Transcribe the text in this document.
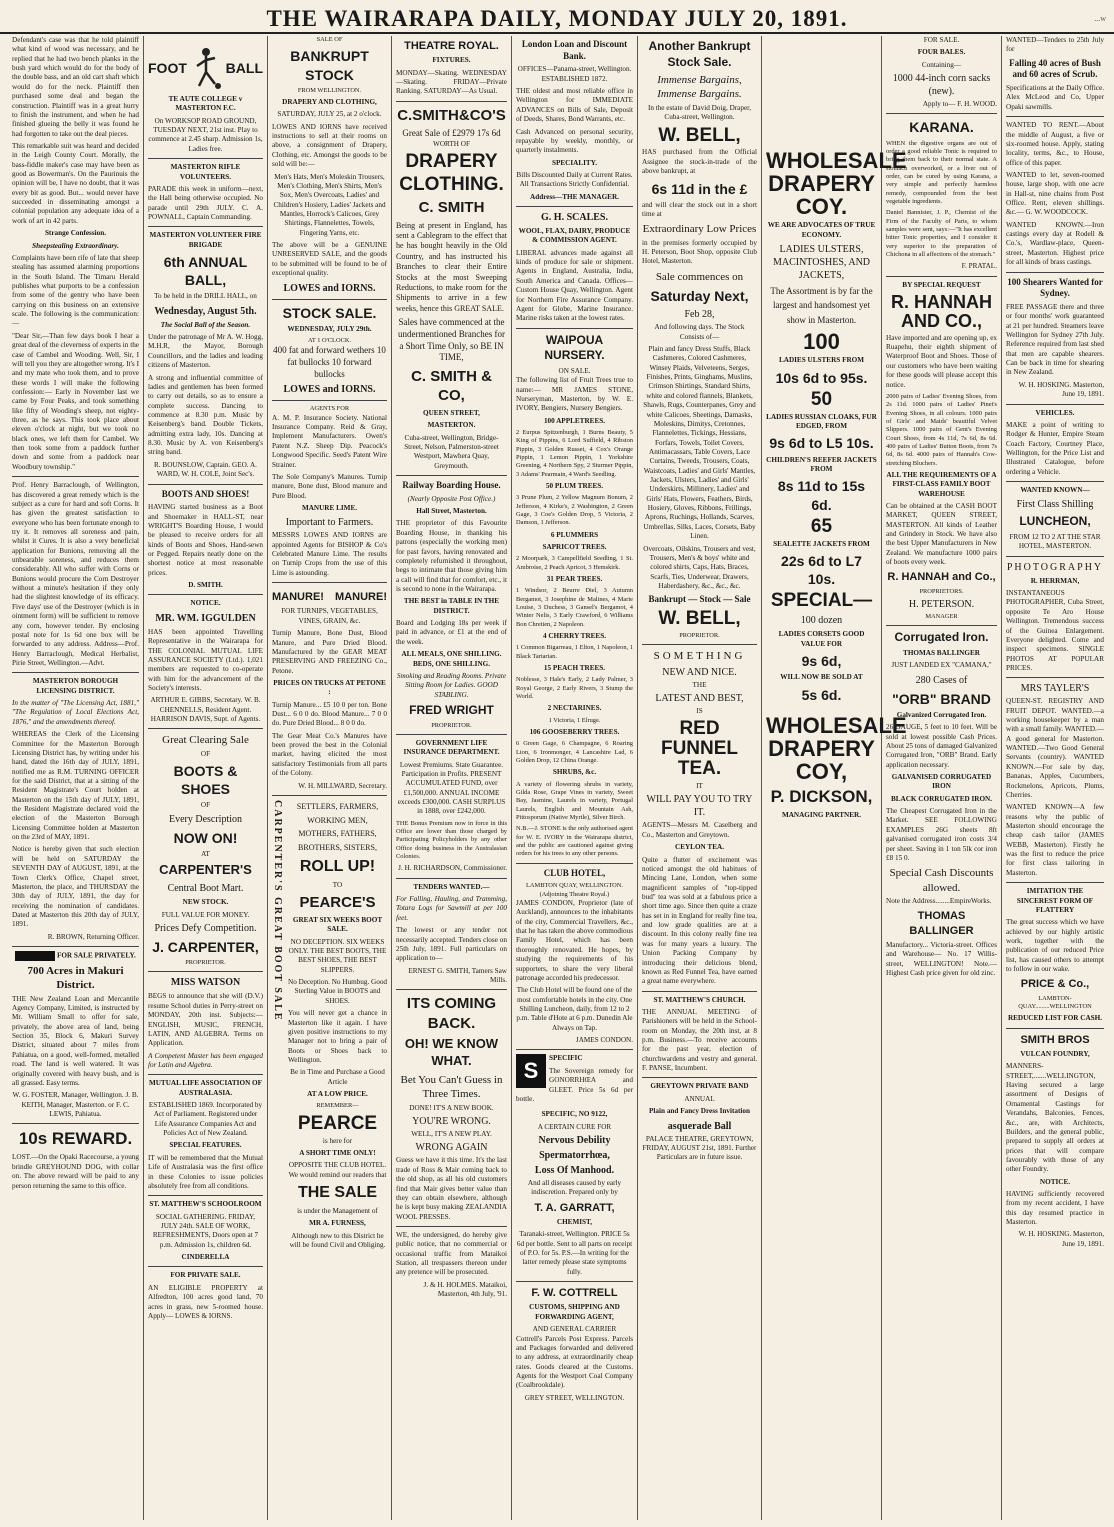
THE WAIRARAPA DAILY, MONDAY JULY 20, 1891.	...w

Defendant's case was that he told plaintiff what kind of wood was necessary, and he replied that he had two bench planks in the bush yard which would do for the body of the double bass, and an old cart shaft which would do for the neck. Plaintiff then purchased some deal and began the construction. Plaintiff was in a great hurry to finish the instrument, and when he had finished glueing the belly it was found he had forgotten to take out the deal pieces.

This remarkable suit was heard and decided in the Leigh County Court. Morally, the bass-fiddle maker's case may have been as good as Bowerman's. On the Paurinuis the opinion will be, I have no doubt, that it was every bit as good. But... would never have succeeded in disseminating amongst a colonial population any adequate idea of a work of art in 42 parts.

Strange Confession.
Sheepstealing Extraordinary.

Complaints have been rife of late that sheep stealing has assumed alarming proportions in the South Island. The Timaru Herald publishes what purports to be a confession from some of the gentry who have been carrying on this business on an extensive scale. The following is the communication:—

"Dear Sir,—Than few days book I hear a great deal of the cleverness of experts in the case of Cambel and Wooding. Well, Sir, I will tell you they are altogether wrong. It's I and my mate who took them, and to prove these words I will make the following confession:— Early in November last we came by Four Peaks, and took something like fifty of Wooding's sheep, not eighty-three, as he says. This took place about eleven o'clock at night, but we took no black ones, we left them for Cambel. We then took some from a paddock further down and some from a paddock near Woodbury township."

Prof. Henry Barraclough, of Wellington, has discovered a great remedy which is the subject as a cure for hard and soft Corns. It has given the greatest satisfaction to everyone who has been fortunate enough to try it. It removes all soreness and pain, whilst it Cures. It is also a very beneficial application for Bunions, removing all the unbearable soreness, and reduces them considerably. All who suffer with Corns or Bunions would procure the Corn Destroyer without a minute's hesitation if they only had the slightest knowledge of its efficacy. Five days' use of the Destroyer (which is in ointment form) will be sufficient to remove any corn, however tender. By enclosing postal note for 1s 6d one box will be forwarded to any address. Address—Prof. Henry Barraclough, Medical Herbalist, Pirie Street, Wellington.—Advt.

MASTERTON BOROUGH LICENSING DISTRICT.

In the matter of "The Licensing Act, 1881," "The Regulation of Local Elections Act, 1876," and the amendments thereof.

WHEREAS the Clerk of the Licensing Committee for the Masterton Borough Licensing District has, by writing under his hand, dated the 16th day of JULY, 1891, notified me as R.M. TURNING OFFICER for the said District, that at a sitting of the Resident Magistrate's Court holden at Masterton on the 15th day of JULY, 1891, the Resident Magistrate declared void the election of the Masterton Borough Licensing Committee holden at Masterton on the 23rd of MAY, 1891.

Notice is hereby given that such election will be held on SATURDAY the SEVENTH DAY of AUGUST, 1891, at the Town Clerk's Office, Chapel street, Masterton, the place, and THURSDAY the 30th day of JULY, 1891, the day for receiving the nomination of candidates. Dated at Masterton this 20th day of JULY, 1891.

R. BROWN, Returning Officer.
FOR SALE PRIVATELY.
700 Acres in Makuri District.

THE New Zealand Loan and Mercantile Agency Company, Limited, is instructed by Mr. William Small to offer for sale, privately, the above area of land, being Section 35, Block 6, Makuri Survey District, situated about 7 miles from Pahiatua, on a good, well-formed, metalled road. The land is well watered. It was originally covered with heavy bush, and is all grassed. Easy terms.

W. G. FOSTER, Manager, Wellington. J. B. KEITH, Manager, Masterton. or F. C. LEWIS, Pahiatua.

10s REWARD.

LOST.—On the Opaki Racecourse, a young brindle GREYHOUND DOG, with collar on. The above reward will be paid to any person returning the same to this office.

FOOT	BALL
TE AUTE COLLEGE v MASTERTON F.C.

On WORKSOP ROAD GROUND, TUESDAY NEXT, 21st inst. Play to commence at 2.45 sharp. Admission 1s, Ladies free.

MASTERTON RIFLE VOLUNTEERS.

PARADE this week in uniform—next, the Hall being otherwise occupied. No parade until 29th JULY. C. A. POWNALL, Captain Commanding.

MASTERTON VOLUNTEER FIRE BRIGADE
6th ANNUAL BALL,
To be held in the DRILL HALL, on
Wednesday, August 5th.
The Social Ball of the Season.

Under the patronage of Mr A. W. Hogg, M.H.R, the Mayor, Borough Councillors, and the ladies and leading citizens of Masterton.

A strong and influential committee of ladies and gentlemen has been formed to carry out details, so as to ensure a complete success. Dancing to commence at 8.30 p.m. Music by Keisenberg's band. Double Tickets, admitting extra lady, 10s. Dancing at 8.30. Music by A. von Keisenberg's string band.

R. BOUNSLOW, Captain. GEO. A. WARD, W. H. COLE, Joint Sec's.
BOOTS AND SHOES!

HAVING started business as a Boot and Shoemaker in HALL-ST, near WRIGHT'S Boarding House, I would be pleased to receive orders for all kinds of Boots and Shoes, Hand-sewn or Pegged. Repairs neatly done on the shortest notice at most reasonable prices.

D. SMITH.
NOTICE.
MR. WM. IGGULDEN

HAS been appointed Travelling Representative in the Wairarapa for THE COLONIAL MUTUAL LIFE ASSURANCE SOCIETY (Ltd.). 1,021 members are requested to co-operate with him for the advancement of the Society's interests.

ARTHUR E. GIBBS, Secretary. W. B. CHENNELLS, Resident Agent. HARRISON DAVIS, Supt. of Agents.
Great Clearing Sale
OF
BOOTS & SHOES
OF
Every Description
NOW ON!
AT
CARPENTER'S
Central Boot Mart.
NEW STOCK.
FULL VALUE FOR MONEY.
Prices Defy Competition.
J. CARPENTER,
PROPRIETOR.
MISS WATSON

BEGS to announce that she will (D.V.) resume School duties in Perry-street on MONDAY, 20th inst. Subjects:— ENGLISH, MUSIC, FRENCH, LATIN, AND ALGEBRA. Terms on Application.

A Competent Master has been engaged for Latin and Algebra.

MUTUAL LIFE ASSOCIATION OF AUSTRALASIA.

ESTABLISHED 1869. Incorporated by Act of Parliament. Registered under Life Assurance Companies Act and Policies Act of New Zealand.

SPECIAL FEATURES.

IT will be remembered that the Mutual Life of Australasia was the first office in these Colonies to issue policies absolutely free from all conditions.

ST. MATTHEW'S SCHOOLROOM

SOCIAL GATHERING. FRIDAY, JULY 24th. SALE OF WORK, REFRESHMENTS, Doors open at 7 p.m. Admission 1s, children 6d.

CINDERELLA
FOR PRIVATE SALE.

AN ELIGIBLE PROPERTY at Alfredton, 100 acres good land, 70 acres in grass, new 5-roomed house. Apply— LOWES & IORNS.

SALE OF
BANKRUPT STOCK
FROM WELLINGTON.
DRAPERY AND CLOTHING,

SATURDAY, JULY 25, at 2 o'clock.

LOWES AND IORNS have received instructions to sell at their rooms on above, a consignment of Drapery, Clothing, etc. Amongst the goods to be sold will be:—

Men's Hats, Men's Moleskin Trousers, Men's Clothing, Men's Shirts, Men's Sox, Men's Overcoats, Ladies' and Children's Hosiery, Ladies' Jackets and Mantles, Horrock's Calicoes, Grey Shirtings, Flannelettes, Towels, Fingering Yarns, etc.

The above will be a GENUINE UNRESERVED SALE, and the goods to be submitted will be found to be of exceptional quality.

LOWES and IORNS.
STOCK SALE.
WEDNESDAY, JULY 29th.
AT 1 O'CLOCK.

400 fat and forward wethers 10 fat bullocks 10 forward bullocks

LOWES and IORNS.
AGENTS FOR

A. M. P. Insurance Society. National Insurance Company. Reid & Gray, Implement Manufacturers. Owen's Patent N.Z. Sheep Dip. Peacock's Longwood Specific. Seed's Patent Wire Strainer.

The Sole Company's Manures. Turnip manure, Bone dust, Blood manure and Pure Blood.

MANURE LIME.
Important to Farmers.

MESSRS LOWES AND IORNS are appointed Agents for BISHOP & Co's Celebrated Manure Lime. The results on Turnip Crops from the use of this Lime is astounding.

MANURE! MANURE!

FOR TURNIPS, VEGETABLES, VINES, GRAIN, &c.

Turnip Manure, Bone Dust, Blood Manure, and Pure Dried Blood. Manufactured by the GEAR MEAT PRESERVING AND FREEZING Co., Petone.

PRICES ON TRUCKS AT PETONE :

Turnip Manure... £5 10 0 per ton. Bone Dust... 6 0 0 do. Blood Manure... 7 0 0 do. Pure Dried Blood... 8 0 0 do.

The Gear Meat Co.'s Manures have been proved the best in the Colonial market, having elicited the most satisfactory Testimonials from all parts of the Colony.

W. H. MILLWARD, Secretary.
CARPENTER'S GREAT BOOT SALE	SETTLERS, FARMERS, WORKING MEN, MOTHERS, FATHERS, BROTHERS, SISTERS,
ROLL UP!
TO
PEARCE'S
GREAT SIX WEEKS BOOT SALE.

NO DECEPTION. SIX WEEKS ONLY. THE BEST BOOTS, THE BEST SHOES, THE BEST SLIPPERS.

No Deception. No Humbug. Good Sterling Value in BOOTS and SHOES.

You will never get a chance in Masterton like it again. I have given positive instructions to my Manager not to bring a pair of Boots or Shoes back to Wellington.

Be in Time and Purchase a Good Article
AT A LOW PRICE.
REMEMBER—
PEARCE
is here for
A SHORT TIME ONLY!
OPPOSITE THE CLUB HOTEL.

We would remind our readers that

THE SALE

is under the Management of

MR A. FURNESS,

Although new to this District he will be found Civil and Obliging.

THEATRE ROYAL.
FIXTURES.

MONDAY—Skating. WEDNESDAY—Skating. FRIDAY—Private Ranking. SATURDAY—As Usual.

C.SMITH&CO'S
Great Sale of £2979 17s 6d
WORTH OF
DRAPERY
CLOTHING.
C. SMITH

Being at present in England, has sent a Cablegram to the effect that he has bought heavily in the Old Country, and has instructed his Branches to clear their Entire Stocks at the most Sweeping Reductions, to make room for the Shipments to arrive in a few weeks, hence this GREAT SALE.

Sales have commenced at the undermentioned Branches for a Short Time Only, so BE IN TIME,

C. SMITH & CO,
QUEEN STREET,
MASTERTON.

Cuba-street, Wellington, Bridge-Street, Nelson, Palmerston-street Westport, Mawhera Quay, Greymouth.

Railway Boarding House.
(Nearly Opposite Post Office.)
Hall Street, Masterton.

THE proprietor of this Favourite Boarding House, in thanking his patrons (especially the working men) for past favors, having renovated and completely refurnished it throughout, begs to intimate that those giving him a call will find that for comfort, etc., it is second to none in the Wairarapa.

THE BEST in TABLE IN THE DISTRICT.

Board and Lodging 18s per week if paid in advance, or £1 at the end of the week.

ALL MEALS, ONE SHILLING. BEDS, ONE SHILLING.

Smoking and Reading Rooms. Private Sitting Room for Ladies. GOOD STABLING.

FRED WRIGHT
PROPRIETOR.
GOVERNMENT LIFE INSURANCE DEPARTMENT.

Lowest Premiums. State Guarantee. Participation in Profits. PRESENT ACCUMULATED FUND, over £1,500,000. ANNUAL INCOME exceeds £300,000. CASH SURPLUS in 1888, over £242,000.

THE Bonus Premium now in force in this Office are lower than those charged by Participating Policyholders by any other Office doing business in the Australasian Colonies.

J. H. RICHARDSON, Commissioner.
TENDERS WANTED.—

For Falling, Hauling, and Tramming, Totara Logs for Sawmill at per 100 feet.

The lowest or any tender not necessarily accepted. Tenders close on 25th July, 1891. Full particulars on application to—

ERNEST G. SMITH, Tamers Saw Mills.
ITS COMING BACK.
OH! WE KNOW WHAT.
Bet You Can't Guess in Three Times.
DONE! IT'S A NEW BOOK.
YOU'RE WRONG.
WELL, IT'S A NEW PLAY.
WRONG AGAIN

Guess we have it this time. It's the last trade of Ross & Mair coming back to the old shop, as all his old customers find that Mair gives better value than they can obtain elsewhere, although he is kept busy making ZEALANDIA WOOL PRESSES.

WE, the undersigned, do hereby give public notice, that no commercial or occasional traffic from Mataikoi Station, all trespassers thereon under any pretence will be prosecuted.

J. & H. HOLMES. Mataikoi, Masterton, 4th July, '91.
London Loan and Discount Bank.

OFFICES—Panama-street, Wellington. ESTABLISHED 1872.

THE oldest and most reliable office in Wellington for IMMEDIATE ADVANCES on Bills of Sale, Deposit of Deeds, Shares, Bond Warrants, etc.

Cash Advanced on personal security, repayable by weekly, monthly, or quarterly instalments.

SPECIALITY.

Bills Discounted Daily at Current Rates. All Transactions Strictly Confidential.

Address—THE MANAGER.
G. H. SCALES.
WOOL, FLAX, DAIRY, PRODUCE & COMMISSION AGENT.

LIBERAL advances made against all kinds of produce for sale or shipment. Agents in England, Australia, India, South America and Canada. Offices—Custom House Quay, Wellington. Agent for Northern Fire Assurance Company. Agent for Globe, Marine Insurance. Marine risks taken at the lowest rates.

WAIPOUA NURSERY.
ON SALE.

The following list of Fruit Trees true to name:— MR JAMES STONE, Nurseryman, Masterton, by W. E. IVORY, Bengiers, Nursery Bengiers.

100 APPLETREES.

2 Eurpus Spitzenburgh, 1 Burns Beauty, 5 King of Pippins, 6 Lord Suffield, 4 Ribston Pippin, 3 Golden Russet, 4 Cox's Orange Pippin, 1 Lemon Pippin, 1 Yorkshire Greening, 4 Northern Spy, 2 Sturmer Pippin, 3 Adams' Pearmain, 4 Ward's Seedling.

50 PLUM TREES.

3 Prune Plum, 2 Yellow Magnum Bonum, 2 Jefferson, 4 Kirke's, 2 Washington, 2 Green Gage, 3 Coe's Golden Drop, 5 Victoria, 2 Damson, 1 Jefferson.

6 PLUMMERS
SAPRICOT TREES.

2 Moorpark, 3 Campellfield Seedling, 1 St. Ambroise, 2 Peach Apricot, 3 Hemskirk.

31 PEAR TREES.

1 Windsor, 2 Beurre Diel, 3 Autumn Bergamot, 3 Josephine de Malines, 4 Marie Louise, 3 Duchess, 3 Gansel's Bergamot, 4 Winter Nelis, 3 Early Crawford, 6 Williams Bon Chretien, 2 Napoleon.

4 CHERRY TREES.

1 Common Bigarreau, 1 Elton, 1 Napoleon, 1 Black Tartarian.

15 PEACH TREES.

Noblesse, 3 Hale's Early, 2 Lady Palmer, 3 Royal George, 2 Early Rivers, 3 Stump the World.

2 NECTARINES.

1 Victoria, 1 Elruge.

106 GOOSEBERRY TREES.

6 Green Gage, 6 Champagne, 6 Roaring Lion, 6 Ironmonger, 4 Lancashire Lad, 6 Golden Drop, 12 China Orange.

SHRUBS, &c.

A variety of flowering shrubs in variety, Gilda Rose, Grape Vines in variety, Sweet Bay, Jasmine, Laurels in variety, Portugal Laurels, English and Mountain Ash, Pittosporum (Native Myrtle), Silver Birch.

N.B.—J. STONE is the only authorised agent for W. E. IVORY in the Wairarapa district, and the public are cautioned against giving orders for his trees to any other persons.

CLUB HOTEL,
LAMBTON QUAY, WELLINGTON.
(Adjoining Theatre Royal.)

JAMES CONDON, Proprietor (late of Auckland), announces to the inhabitants of the city, Commercial Travellers, &c., that he has taken the above commodious Family Hotel, which has been thoroughly renovated. He hopes, by studying the requirements of his supporters, to share the very liberal patronage accorded his predecessor.

The Club Hotel will be found one of the most comfortable hotels in the city. One Shilling Luncheon, daily, from 12 to 2 p.m. Table d'Hote at 6 p.m. Dunedin Ale Always on Tap.

JAMES CONDON.
S	SPECIFIC

The Sovereign remedy for GONORRHŒA and GLEET. Price 5s 6d per bottle.

SPECIFIC, NO 9122,
A CERTAIN CURE FOR
Nervous Debility
Spermatorrhœa,
Loss Of Manhood.

And all diseases caused by early indiscretion. Prepared only by

T. A. GARRATT,
CHEMIST,

Taranaki-street, Wellington. PRICE 5s 6d per bottle. Sent to all parts on receipt of P.O. for 5s. P.S.—In writing for the latter remedy please state symptoms fully.

F. W. COTTRELL
CUSTOMS, SHIPPING AND FORWARDING AGENT,
AND GENERAL CARRIER

Cottrell's Parcels Post Express. Parcels and Packages forwarded and delivered to any address, at extraordinarily cheap rates. Goods cleared at the Customs. Agents for the Westport Coal Company (Coalbrookdale).

GREY STREET, WELLINGTON.
Another Bankrupt Stock Sale.
Immense Bargains, Immense Bargains.

In the estate of David Doig, Draper, Cuba-street, Wellington.

W. BELL,

HAS purchased from the Official Assignee the stock-in-trade of the above bankrupt, at

6s 11d in the £

and will clear the stock out in a short time at

Extraordinary Low Prices

in the premises formerly occupied by H. Peterson, Boot Shop, opposite Club Hotel, Masterton.

Sale commences on
Saturday Next,
Feb 28,

And following days. The Stock Consists of—

Plain and fancy Dress Stuffs, Black Cashmeres, Colored Cashmeres, Winsey Plaids, Velveteens, Serges, Finishes, Prints, Ginghams, Muslins, Crimson Shirtings, Standard Shirts, white and colored flannels, Blankets, Shawls, Rugs, Counterpanes, Grey and white Calicoes, Sheetings, Damasks, Moleskins, Dimitys, Cretonnes, Flannelettes, Tickings, Hessians, Forfars, Towels, Toilet Covers, Antimacassars, Table Covers, Lace Curtains, Tweeds, Trousers, Coats, Waistcoats, Ladies' and Girls' Mantles, Jackets, Ulsters, Ladies' and Girls' Underskirts, Millinery, Ladies' and Girls' Hats, Flowers, Feathers, Birds, Hosiery, Gloves, Ribbons, Frillings, Aprons, Ruchings, Hollands, Scarves, Umbrellas, Silks, Laces, Corsets, Baby Linen.

Overcoats, Oilskins, Trousers and vest, Trousers, Men's & boys' white and colored shirts, Caps, Hats, Braces, Scarfs, Ties, Underwear, Drawers, Haberdashery, &c., &c., &c.

Bankrupt — Stock — Sale
W. BELL,
PROPRIETOR.
SOMETHING
NEW AND NICE.
THE
LATEST AND BEST,
IS
RED FUNNEL TEA.
IT
WILL PAY YOU TO TRY IT.

AGENTS—Messrs M. Caselberg and Co., Masterton and Greytown.

CEYLON TEA.

Quite a flutter of excitement was noticed amongst the old habitues of Mincing Lane, London, when some magnificent samples of "top-tipped bud" tea was sold at a fabulous price a short time ago. Since then quite a craze has set in in England for really fine tea, and low grade qualities are at a discount. In this colony really fine tea was for many years a luxury. The Union Packing Company by introducing their delicious blend, known as Red Funnel Tea, have earned a great name everywhere.

ST. MATTHEW'S CHURCH.

THE ANNUAL MEETING of Parishioners will be held in the School-room on Monday, the 20th inst, at 8 p.m. Business.—To receive accounts for the past year, election of churchwardens and vestry and general. F. PANSE, Incumbent.

GREYTOWN PRIVATE BAND
ANNUAL
Plain and Fancy Dress Invitation
asquerade Ball

PALACE THEATRE, GREYTOWN, FRIDAY, AUGUST 21st, 1891. Further Particulars are in future issue.

WHOLESALE DRAPERY COY.
WE ARE ADVOCATES OF TRUE ECONOMY.
LADIES ULSTERS, MACINTOSHES, AND JACKETS,

The Assortment is by far the largest and handsomest yet show in Masterton.

100
LADIES ULSTERS FROM
10s 6d to 95s.
50
LADIES RUSSIAN CLOAKS, FUR EDGED, FROM
9s 6d to L5 10s.
CHILDREN'S REEFER JACKETS FROM
8s 11d to 15s 6d.
65
SEALETTE JACKETS FROM
22s 6d to L7 10s.
SPECIAL—
100 dozen
LADIES CORSETS GOOD VALUE FOR
9s 6d,
WILL NOW BE SOLD AT
5s 6d.
WHOLESALE DRAPERY COY,
P. DICKSON,
MANAGING PARTNER.
FOR SALE.
FOUR BALES.
Containing—
1000 44-inch corn sacks (new).

Apply to— F. H. WOOD.

KARANA.

WHEN the digestive organs are out of order a good reliable Tonic is required to bring them back to their normal state. A stomach overworked, or a liver out of order, can be cured by using Karana, a very simple and perfectly harmless remedy, compounded from the best vegetable ingredients.

Daniel Bannister, J. P., Chemist of the Firm of the Faculty of Paris, to whom samples were sent, says:—"It has excellent bitter Tonic properties, and I consider it very superior to the preparation of Chichona in all affections of the stomach."

F. PRATAL.
BY SPECIAL REQUEST
R. HANNAH AND CO.,

Have imported and are opening up, ex Ruapehu, their eighth shipment of Waterproof Boot and Shoes. Those of our customers who have been waiting for these goods will please accept this notice.

2000 pairs of Ladies' Evening Shoes, from 2s 11d. 1000 pairs of Ladies' Pinet's Evening Shoes, in all colours. 1000 pairs of Girls' and Maids' beautiful Velvet Slippers. 1000 pairs of Gent's Evening Court Shoes, from 4s 11d, 7s 6d, 8s 6d. 400 pairs of Ladies' Button Boots, from 7s 6d, 8s 6d. 4000 pairs of Hannah's Cow-stretching Bluchers.

ALL THE REQUIREMENTS OF A FIRST-CLASS FAMILY BOOT WAREHOUSE

Can be obtained at the CASH BOOT MARKET, QUEEN STREET, MASTERTON. All kinds of Leather and Grindery in Stock. We have also the best Upper Manufacturers in New Zealand. We manufacture 1000 pairs of boots every week.

R. HANNAH and Co.,
PROPRIETORS.
H. PETERSON.
MANAGER
Corrugated Iron.
THOMAS BALLINGER

JUST LANDED EX "CAMANA,"

280 Cases of
"ORB" BRAND
Galvanized Corrugated Iron.

26 GAUGE, 5 feet to 10 feet. Will be sold at lowest possible Cash Prices. About 25 tons of damaged Galvanized Corrugated Iron, "ORB" Brand. Early application necessary.

GALVANISED CORRUGATED IRON
BLACK CORRUGATED IRON.

The Cheapest Corrugated Iron in the Market. SEE FOLLOWING EXAMPLES 26G sheets 8ft galvanised corrugated iron costs 3/4 per sheet. Saving in 1 ton 5lk cor iron £8 15 0.

Special Cash Discounts allowed.

Note the Address........EmpireWorks.

THOMAS BALLINGER

Manufactory... Victoria-street. Offices and Warehouse— No. 17 Willis-street, WELLINGTON! Note.—Highest Cash price given for old zinc.

WANTED—Tenders to 25th July for

Falling 40 acres of Bush and 60 acres of Scrub.

Specifications at the Daily Office. Alex McLeod and Co, Upper Opaki sawmills.

WANTED TO RENT.—About the middle of August, a five or six-roomed house. Apply, stating locality, terms, &c., to House, office of this paper.

WANTED to let, seven-roomed house, large shop, with one acre in Hall-st, nine chains from Post Office. Rent, eleven shillings. &c.— G. W. WOODCOCK.

WANTED KNOWN.—Iron castings every day at Rodell & Co.'s, Wardlaw-place, Queen-street, Masterton. Highest price for all kinds of brass castings.

100 Shearers Wanted for Sydney.

FREE PASSAGE there and three or four months' work guaranteed at 21 per hundred. Steamers leave Wellington for Sydney 27th July. Reference required from last shed that men are capable shearers. Can be back in time for shearing in New Zealand.

W. H. HOSKING. Masterton, June 19, 1891.
VEHICLES.

MAKE a point of writing to Rodger & Hunter, Empire Steam Coach Factory, Courtney Place, Wellington, for the Price List and Illustrated Catalogue, before ordering a Vehicle.

WANTED KNOWN—
First Class Shilling
LUNCHEON,

FROM 12 TO 2 AT THE STAR HOTEL, MASTERTON.

PHOTOGRAPHY
R. HERRMAN,

INSTANTANEOUS PHOTOGRAPHER, Cuba Street, opposite Te Aro House Wellington. Tremendous success of the Guinea Enlargement. Everyone delighted. Come and inspect specimens. SINGLE PHOTOS AT POPULAR PRICES.

MRS TAYLER'S

QUEEN-ST. REGISTRY AND FRUIT DEPOT. WANTED.—a working housekeeper by a man with a small family. WANTED.—A good general for Masterton. WANTED.—Two Good General Servants (country). WANTED KNOWN.—For sale by day, Bananas, Apples, Cucumbers, Rockmelons, Apricots, Plums, Cherries.

WANTED KNOWN—A few reasons why the public of Masterton should encourage the cheap cash tailor (JAMES WEBB, Masterton). Firstly he was the first to reduce the price for first class tailoring in Masterton.

IMITATION THE SINCEREST FORM OF FLATTERY

The great success which we have achieved by our highly artistic work, together with the publication of our reduced Price list, has caused others to attempt to follow in our wake.

PRICE & Co.,
LAMBTON-QUAY.........WELLINGTON
REDUCED LIST FOR CASH.
SMITH BROS
VULCAN FOUNDRY,

MANNERS-STREET,.......WELLINGTON, Having secured a large assortment of Designs of Ornamental Castings for Verandahs, Balconies, Fences, &c., are, with Architects, Builders, and the general public, prepared to supply all orders at prices that will compare favourably with those of any other Foundry.

NOTICE.

HAVING sufficiently recovered from my recent accident, I have this day resumed practice in Masterton.

W. H. HOSKING. Masterton, June 19, 1891.
